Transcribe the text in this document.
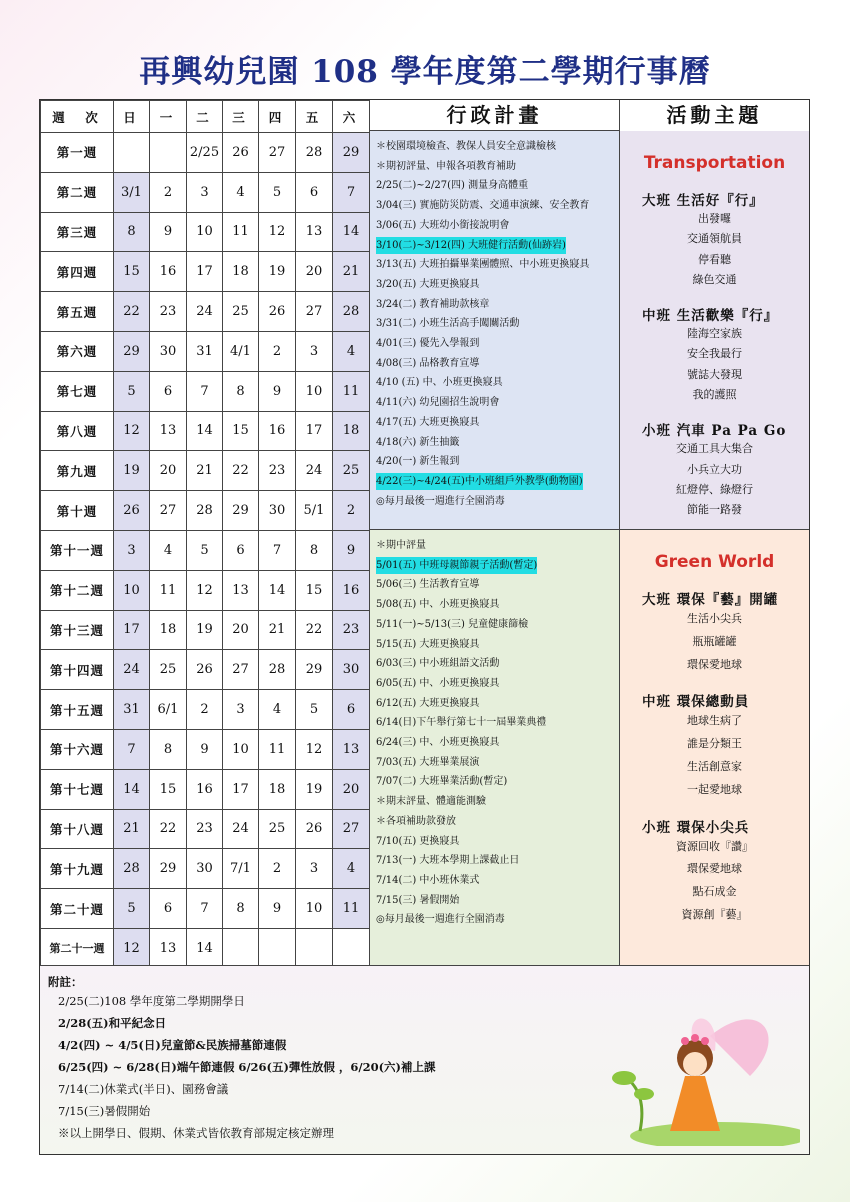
再興幼兒園 108 學年度第二學期行事曆
週　次	日	一	二	三	四	五	六
第一週			2/25	26	27	28	29
第二週	3/1	2	3	4	5	6	7
第三週	8	9	10	11	12	13	14
第四週	15	16	17	18	19	20	21
第五週	22	23	24	25	26	27	28
第六週	29	30	31	4/1	2	3	4
第七週	5	6	7	8	9	10	11
第八週	12	13	14	15	16	17	18
第九週	19	20	21	22	23	24	25
第十週	26	27	28	29	30	5/1	2
第十一週	3	4	5	6	7	8	9
第十二週	10	11	12	13	14	15	16
第十三週	17	18	19	20	21	22	23
第十四週	24	25	26	27	28	29	30
第十五週	31	6/1	2	3	4	5	6
第十六週	7	8	9	10	11	12	13
第十七週	14	15	16	17	18	19	20
第十八週	21	22	23	24	25	26	27
第十九週	28	29	30	7/1	2	3	4
第二十週	5	6	7	8	9	10	11
第二十一週	12	13	14				
行政計畫	活動主題
＊校園環境檢查、教保人員安全意識檢核
＊期初評量、申報各項教育補助
2/25(二)~2/27(四) 測量身高體重
3/04(三) 實施防災防震、交通車演練、安全教育
3/06(五) 大班幼小銜接說明會
3/10(二)~3/12(四) 大班健行活動(仙跡岩)
3/13(五) 大班拍攝畢業團體照、中小班更換寢具
3/20(五) 大班更換寢具
3/24(二) 教育補助款核章
3/31(二) 小班生活高手闖關活動
4/01(三) 優先入學報到
4/08(三) 品格教育宣導
4/10 (五) 中、小班更換寢具
4/11(六) 幼兒園招生說明會
4/17(五) 大班更換寢具
4/18(六) 新生抽籤
4/20(一) 新生報到
4/22(三)~4/24(五)中小班組戶外教學(動物園)
◎每月最後一週進行全園消毒
＊期中評量
5/01(五) 中班母親節親子活動(暫定)
5/06(三) 生活教育宣導
5/08(五) 中、小班更換寢具
5/11(一)~5/13(三) 兒童健康篩檢
5/15(五) 大班更換寢具
6/03(三) 中小班組語文活動
6/05(五) 中、小班更換寢具
6/12(五) 大班更換寢具
6/14(日)下午舉行第七十一屆畢業典禮
6/24(三) 中、小班更換寢具
7/03(五) 大班畢業展演
7/07(二) 大班畢業活動(暫定)
＊期末評量、體適能測驗
＊各項補助款發放
7/10(五) 更換寢具
7/13(一) 大班本學期上課截止日
7/14(二) 中小班休業式
7/15(三) 暑假開始
◎每月最後一週進行全園消毒
Transportation
大班 生活好『行』
出發囉
交通領航員
停看聽
綠色交通
中班 生活歡樂『行』
陸海空家族
安全我最行
號誌大發現
我的護照
小班 汽車 Pa Pa Go
交通工具大集合
小兵立大功
紅燈停、綠燈行
節能一路發
Green World
大班 環保『藝』開罐
生活小尖兵
瓶瓶罐罐
環保愛地球
中班 環保總動員
地球生病了
誰是分類王
生活創意家
一起愛地球
小班 環保小尖兵
資源回收『讚』
環保愛地球
點石成金
資源創『藝』
附註：
2/25(二)108 學年度第二學期開學日
2/28(五)和平紀念日
4/2(四) ~ 4/5(日)兒童節&民族掃墓節連假
6/25(四) ~ 6/28(日)端午節連假 6/26(五)彈性放假 ，6/20(六)補上課
7/14(二)休業式(半日)、園務會議
7/15(三)暑假開始
※以上開學日、假期、休業式皆依教育部規定核定辦理
